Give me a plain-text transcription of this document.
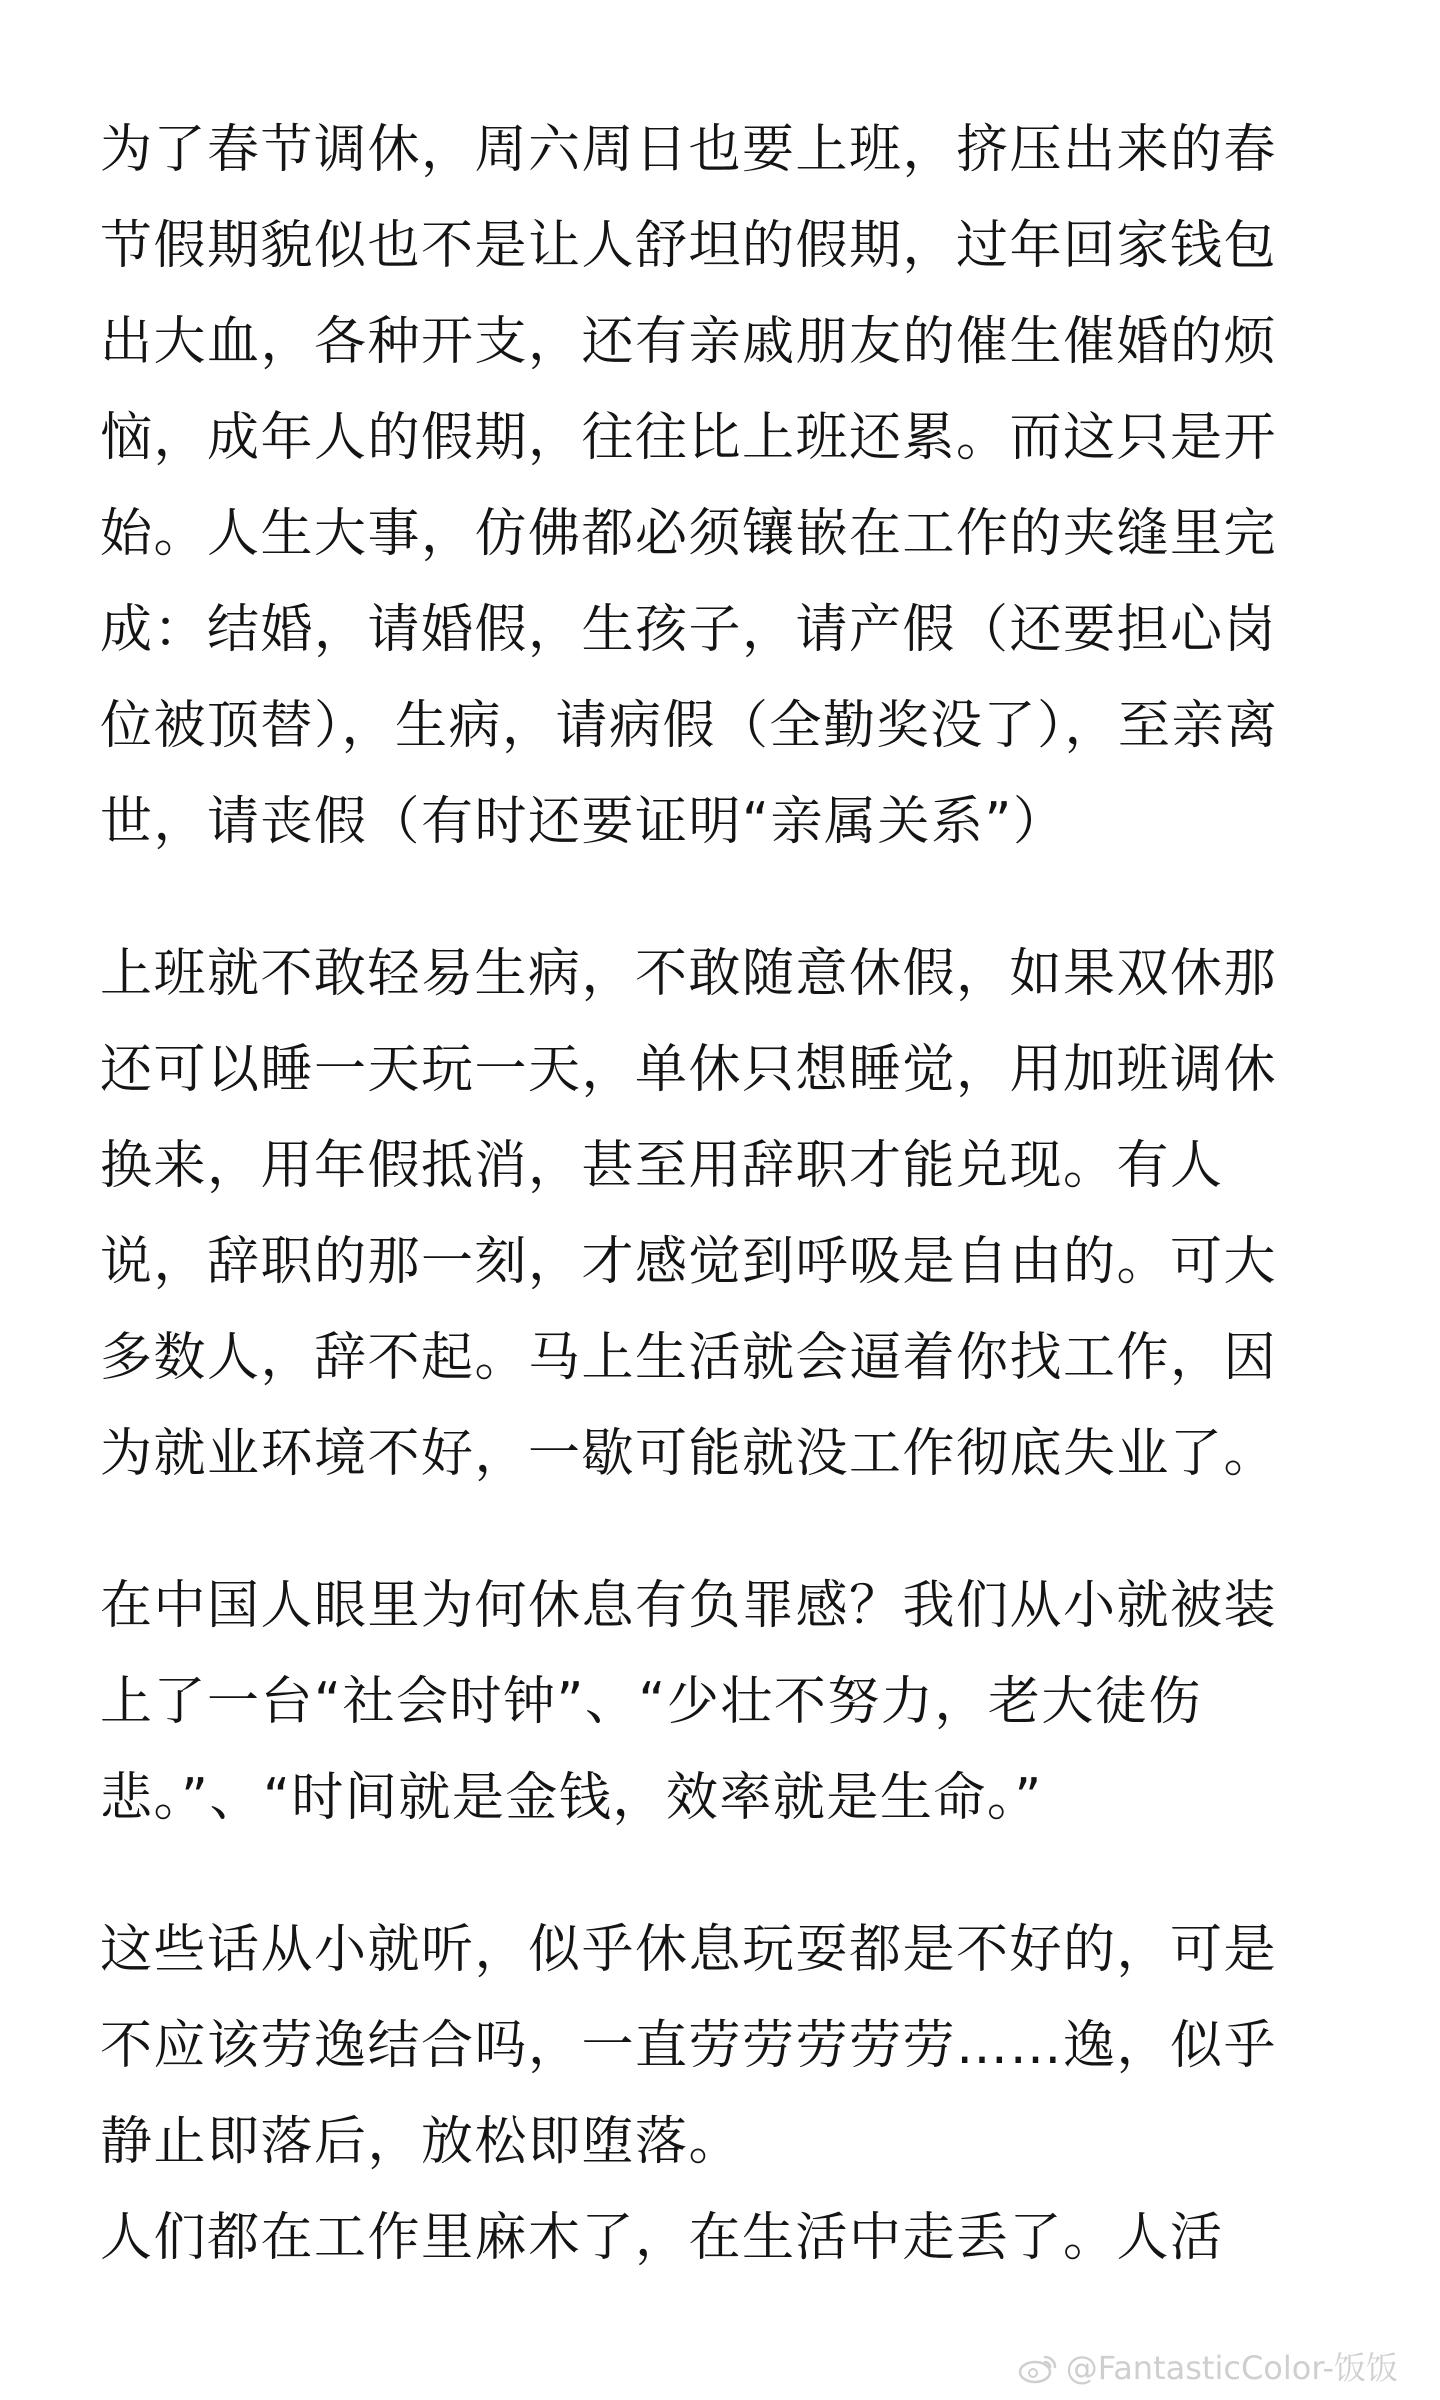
为了春节调休，周六周日也要上班，挤压出来的春
节假期貌似也不是让人舒坦的假期，过年回家钱包
出大血，各种开支，还有亲戚朋友的催生催婚的烦
恼，成年人的假期，往往比上班还累。而这只是开
始。人生大事，仿佛都必须镶嵌在工作的夹缝里完
成：结婚，请婚假，生孩子，请产假（还要担心岗
位被顶替），生病，请病假（全勤奖没了），至亲离
世，请丧假（有时还要证明“亲属关系”）
上班就不敢轻易生病，不敢随意休假，如果双休那
还可以睡一天玩一天，单休只想睡觉，用加班调休
换来，用年假抵消，甚至用辞职才能兑现。有人
说，辞职的那一刻，才感觉到呼吸是自由的。可大
多数人，辞不起。马上生活就会逼着你找工作，因
为就业环境不好，一歇可能就没工作彻底失业了。
在中国人眼里为何休息有负罪感？我们从小就被装
上了一台“社会时钟”、“少壮不努力，老大徒伤
悲。”、“时间就是金钱，效率就是生命。”
这些话从小就听，似乎休息玩耍都是不好的，可是
不应该劳逸结合吗，一直劳劳劳劳劳……逸，似乎
静止即落后，放松即堕落。
人们都在工作里麻木了，在生活中走丢了。人活
@FantasticColor-饭饭
